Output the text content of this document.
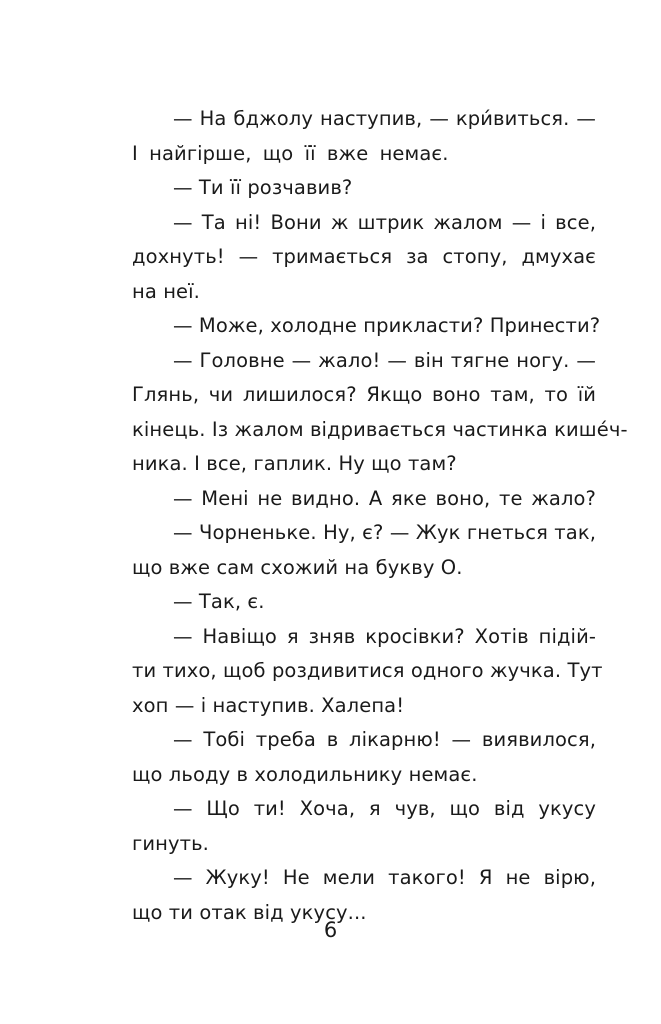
— На бджолу наступив, — кри́виться. —
І найгірше, що її вже немає.
— Ти її розчавив?
— Та ні! Вони ж штрик жалом — і все,
дохнуть! — тримається за стопу, дмухає
на неї.
— Може, холодне прикласти? Принести?
— Головне — жало! — він тягне ногу. —
Глянь, чи лишилося? Якщо воно там, то їй
кінець. Із жалом відривається частинка кише́ч-
ника. І все, гаплик. Ну що там?
— Мені не видно. А яке воно, те жало?
— Чорненьке. Ну, є? — Жук гнеться так,
що вже сам схожий на букву О.
— Так, є.
— Навіщо я зняв кросівки? Хотів підій-
ти тихо, щоб роздивитися одного жучка. Тут
хоп — і наступив. Халепа!
— Тобі треба в лікарню! — виявилося,
що льоду в холодильнику немає.
— Що ти! Хоча, я чув, що від укусу
гинуть.
— Жуку! Не мели такого! Я не вірю,
що ти отак від укусу...
6
